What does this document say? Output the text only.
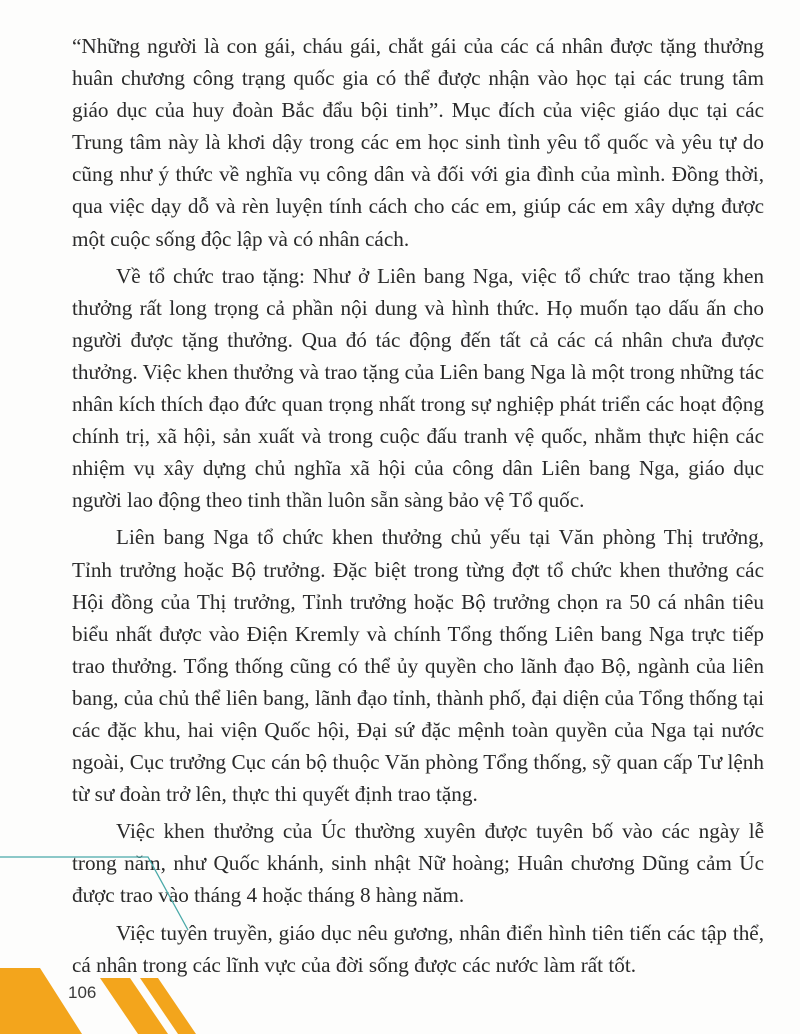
“Những người là con gái, cháu gái, chắt gái của các cá nhân được tặng thưởng huân chương công trạng quốc gia có thể được nhận vào học tại các trung tâm giáo dục của huy đoàn Bắc đẩu bội tinh”. Mục đích của việc giáo dục tại các Trung tâm này là khơi dậy trong các em học sinh tình yêu tổ quốc và yêu tự do cũng như ý thức về nghĩa vụ công dân và đối với gia đình của mình. Đồng thời, qua việc dạy dỗ và rèn luyện tính cách cho các em, giúp các em xây dựng được một cuộc sống độc lập và có nhân cách.

Về tổ chức trao tặng: Như ở Liên bang Nga, việc tổ chức trao tặng khen thưởng rất long trọng cả phần nội dung và hình thức. Họ muốn tạo dấu ấn cho người được tặng thưởng. Qua đó tác động đến tất cả các cá nhân chưa được thưởng. Việc khen thưởng và trao tặng của Liên bang Nga là một trong những tác nhân kích thích đạo đức quan trọng nhất trong sự nghiệp phát triển các hoạt động chính trị, xã hội, sản xuất và trong cuộc đấu tranh vệ quốc, nhằm thực hiện các nhiệm vụ xây dựng chủ nghĩa xã hội của công dân Liên bang Nga, giáo dục người lao động theo tinh thần luôn sẵn sàng bảo vệ Tổ quốc.

Liên bang Nga tổ chức khen thưởng chủ yếu tại Văn phòng Thị trưởng, Tỉnh trưởng hoặc Bộ trưởng. Đặc biệt trong từng đợt tổ chức khen thưởng các Hội đồng của Thị trưởng, Tỉnh trưởng hoặc Bộ trưởng chọn ra 50 cá nhân tiêu biểu nhất được vào Điện Kremly và chính Tổng thống Liên bang Nga trực tiếp trao thưởng. Tổng thống cũng có thể ủy quyền cho lãnh đạo Bộ, ngành của liên bang, của chủ thể liên bang, lãnh đạo tỉnh, thành phố, đại diện của Tổng thống tại các đặc khu, hai viện Quốc hội, Đại sứ đặc mệnh toàn quyền của Nga tại nước ngoài, Cục trưởng Cục cán bộ thuộc Văn phòng Tổng thống, sỹ quan cấp Tư lệnh từ sư đoàn trở lên, thực thi quyết định trao tặng.

Việc khen thưởng của Úc thường xuyên được tuyên bố vào các ngày lễ trong năm, như Quốc khánh, sinh nhật Nữ hoàng; Huân chương Dũng cảm Úc được trao vào tháng 4 hoặc tháng 8 hàng năm.

Việc tuyên truyền, giáo dục nêu gương, nhân điển hình tiên tiến các tập thể, cá nhân trong các lĩnh vực của đời sống được các nước làm rất tốt.

106
